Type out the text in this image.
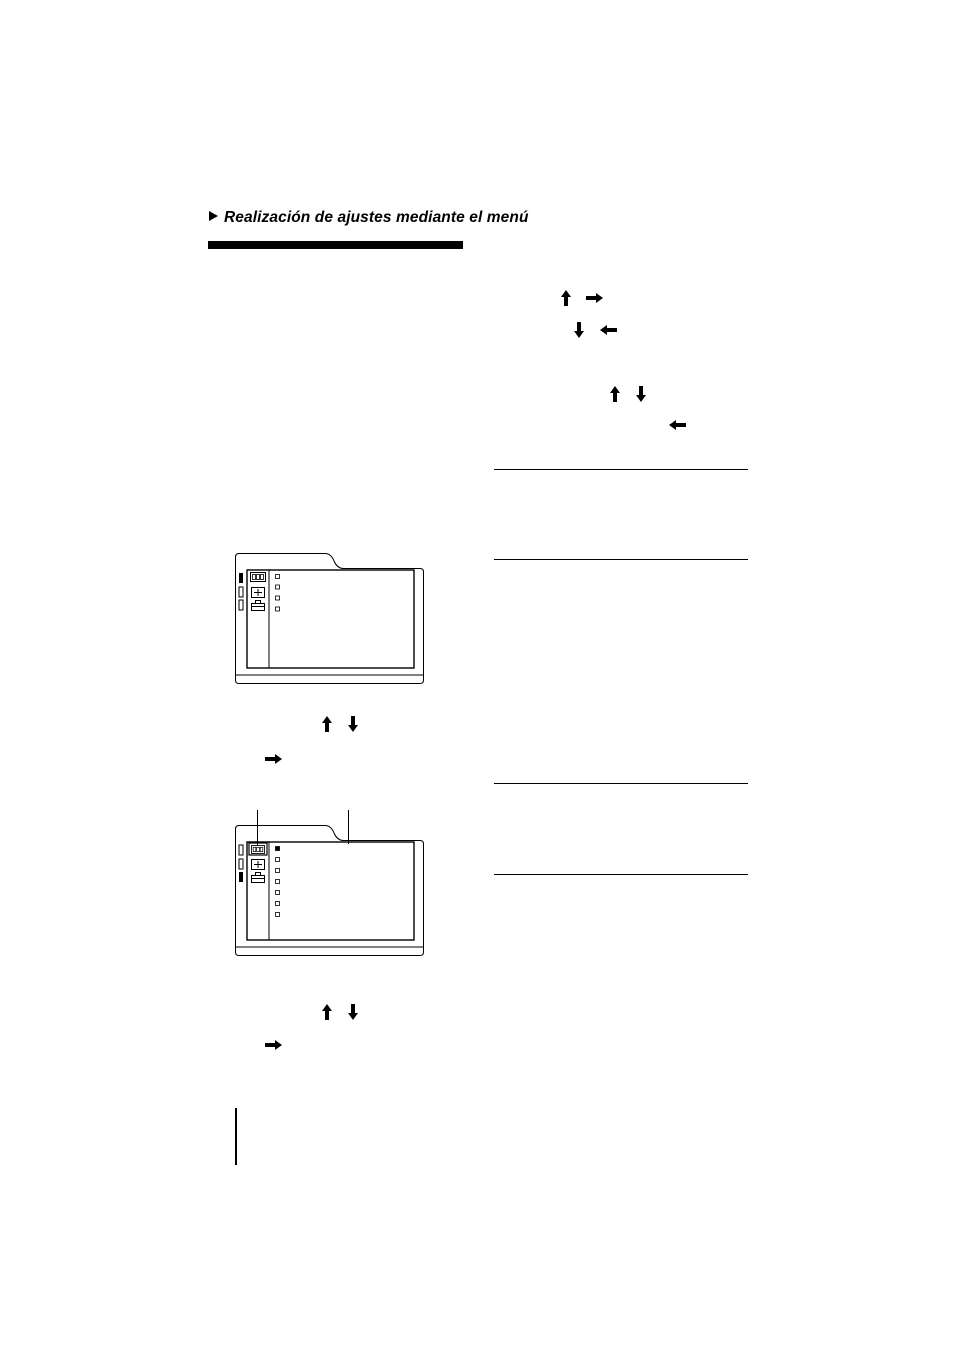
Realización de ajustes mediante el menú
